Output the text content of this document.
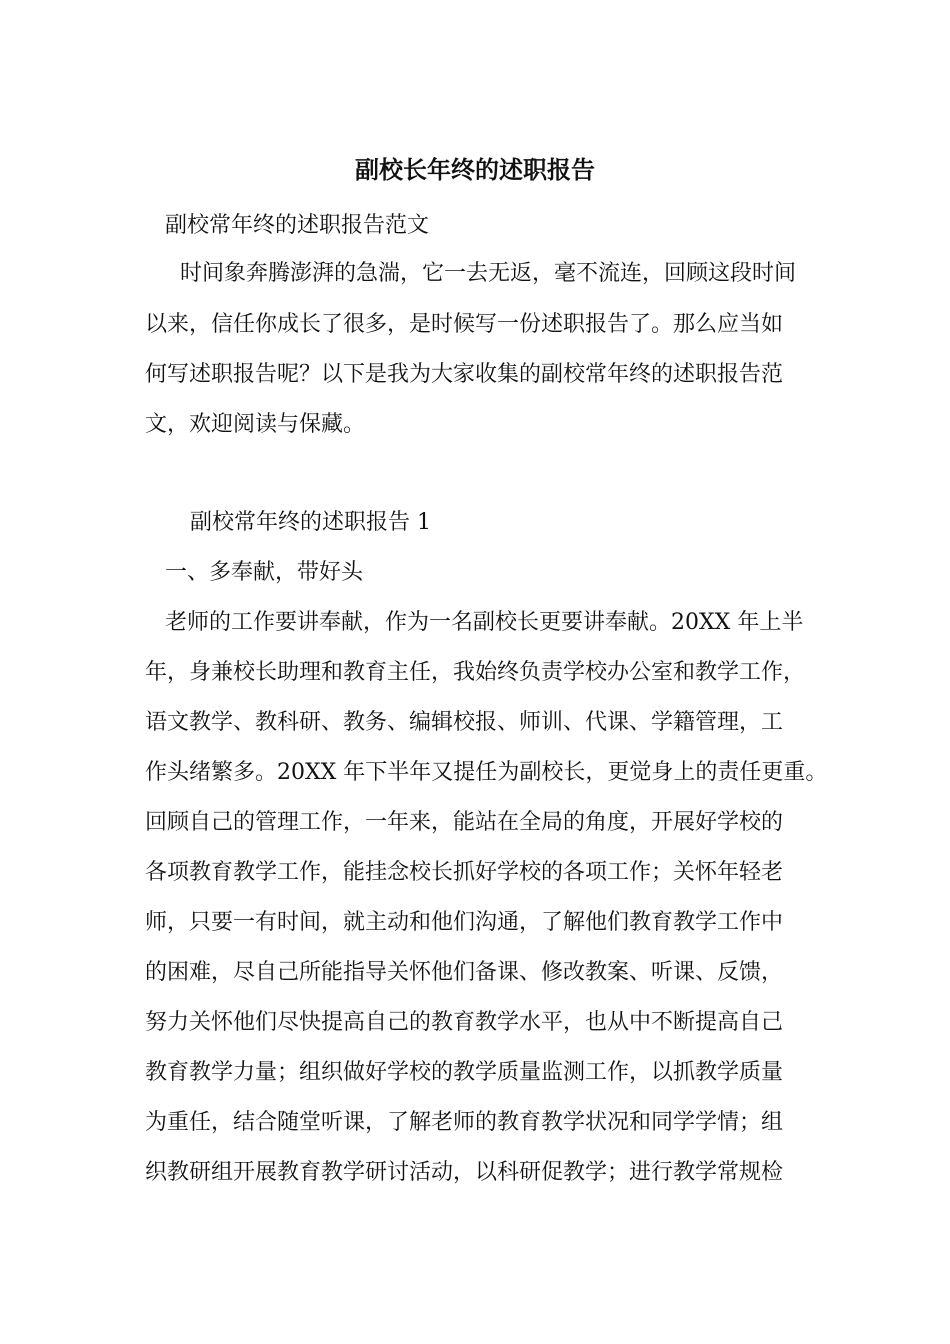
副校长年终的述职报告
副校常年终的述职报告范文
时间象奔腾澎湃的急湍，它一去无返，毫不流连，回顾这段时间
以来，信任你成长了很多，是时候写一份述职报告了。那么应当如
何写述职报告呢？以下是我为大家收集的副校常年终的述职报告范
文，欢迎阅读与保藏。
副校常年终的述职报告 1
一、多奉献，带好头
老师的工作要讲奉献，作为一名副校长更要讲奉献。20XX 年上半
年，身兼校长助理和教育主任，我始终负责学校办公室和教学工作，
语文教学、教科研、教务、编辑校报、师训、代课、学籍管理，工
作头绪繁多。20XX 年下半年又提任为副校长，更觉身上的责任更重。
回顾自己的管理工作，一年来，能站在全局的角度，开展好学校的
各项教育教学工作，能挂念校长抓好学校的各项工作；关怀年轻老
师，只要一有时间，就主动和他们沟通，了解他们教育教学工作中
的困难，尽自己所能指导关怀他们备课、修改教案、听课、反馈，
努力关怀他们尽快提高自己的教育教学水平，也从中不断提高自己
教育教学力量；组织做好学校的教学质量监测工作，以抓教学质量
为重任，结合随堂听课，了解老师的教育教学状况和同学学情；组
织教研组开展教育教学研讨活动，以科研促教学；进行教学常规检
